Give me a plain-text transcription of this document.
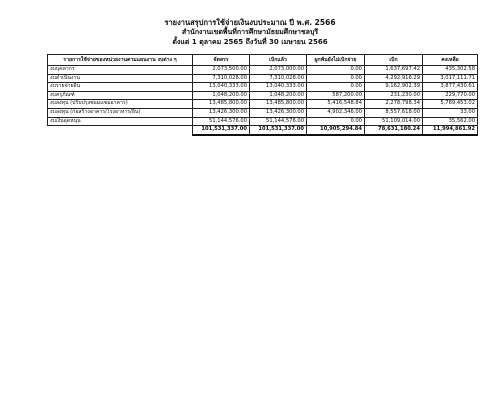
รายงานสรุปการใช้จ่ายเงินงบประมาณ ปี พ.ศ. 2566
สำนักงานเขตพื้นที่การศึกษามัธยมศึกษาชลบุรี
ตั้งแต่ 1 ตุลาคม 2565 ถึงวันที่ 30 เมษายน 2566
รายการใช้จ่ายของหน่วยงานตามแผนงาน งบต่าง ๆ	จัดสรร	เบิกแล้ว	ผูกพันยังไม่เบิกจ่าย	เบิก	คงเหลือ
งบบุคลากร	2,073,500.00	2,073,000.00	0.00	1,637,697.42	435,302.58
งบดำเนินงาน	7,310,028.00	7,310,028.00	0.00	4,292,916.29	3,017,111.71
งบรายจ่ายอื่น	13,040,333.00	13,040,333.00	0.00	9,162,902.39	3,877,430.61
งบครุภัณฑ์	1,048,200.00	1,048,200.00	587,200.00	231,230.00	229,770.00
งบลงทุน (ปรับปรุงซ่อมแซมอาคาร)	13,485,800.00	13,485,800.00	5,416,548.84	2,278,798.34	5,789,453.02
งบลงทุน (ก่อสร้างอาคาร/โรงอาหาร/อื่น)	13,426,300.00	13,426,300.00	4,902,346.00	8,557,618.00	33.00
งบเงินอุดหนุน	51,144,576.00	51,144,576.00	0.00	51,109,014.00	35,562.00
	101,531,337.00	101,531,337.00	10,905,294.84	78,631,180.24	11,994,861.92
